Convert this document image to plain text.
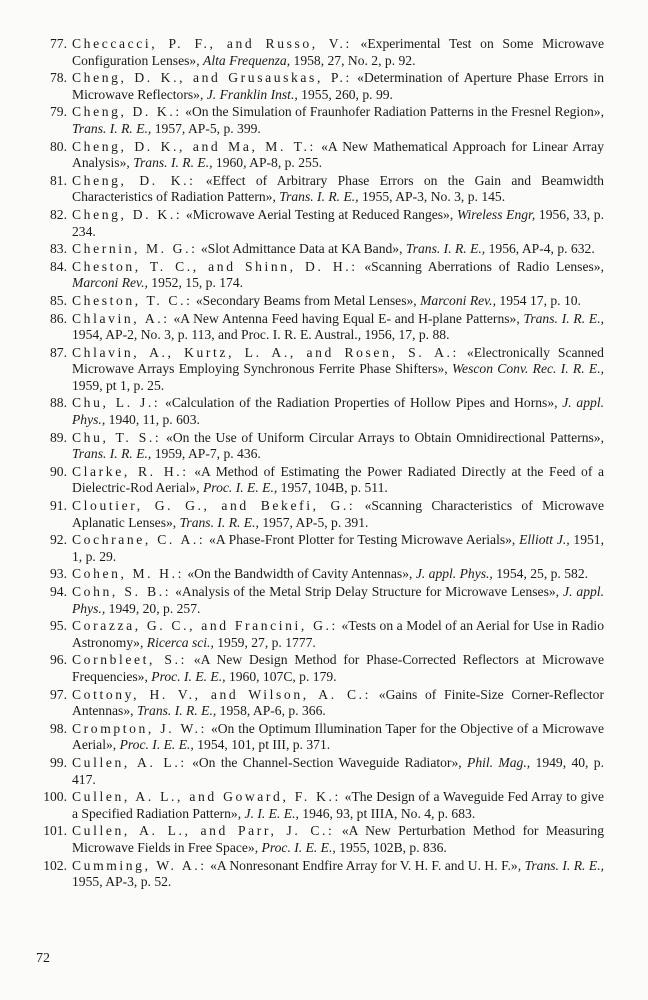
77. Checcacci, P. F., and Russo, V.: «Experimental Test on Some Microwave Configuration Lenses», Alta Frequenza, 1958, 27, No. 2, p. 92.
78. Cheng, D. K., and Grusauskas, P.: «Determination of Aperture Phase Errors in Microwave Reflectors», J. Franklin Inst., 1955, 260, p. 99.
79. Cheng, D. K.: «On the Simulation of Fraunhofer Radiation Patterns in the Fresnel Region», Trans. I. R. E., 1957, AP-5, p. 399.
80. Cheng, D. K., and Ma, M. T.: «A New Mathematical Approach for Linear Array Analysis», Trans. I. R. E., 1960, AP-8, p. 255.
81. Cheng, D. K.: «Effect of Arbitrary Phase Errors on the Gain and Beamwidth Characteristics of Radiation Pattern», Trans. I. R. E., 1955, AP-3, No. 3, p. 145.
82. Cheng, D. K.: «Microwave Aerial Testing at Reduced Ranges», Wireless Engr, 1956, 33, p. 234.
83. Chernin, M. G.: «Slot Admittance Data at KA Band», Trans. I. R. E., 1956, AP-4, p. 632.
84. Cheston, T. C., and Shinn, D. H.: «Scanning Aberrations of Radio Lenses», Marconi Rev., 1952, 15, p. 174.
85. Cheston, T. C.: «Secondary Beams from Metal Lenses», Marconi Rev., 1954 17, p. 10.
86. Chlavin, A.: «A New Antenna Feed having Equal E- and H-plane Patterns», Trans. I. R. E., 1954, AP-2, No. 3, p. 113, and Proc. I. R. E. Austral., 1956, 17, p. 88.
87. Chlavin, A., Kurtz, L. A., and Rosen, S. A.: «Electronically Scanned Microwave Arrays Employing Synchronous Ferrite Phase Shifters», Wescon Conv. Rec. I. R. E., 1959, pt 1, p. 25.
88. Chu, L. J.: «Calculation of the Radiation Properties of Hollow Pipes and Horns», J. appl. Phys., 1940, 11, p. 603.
89. Chu, T. S.: «On the Use of Uniform Circular Arrays to Obtain Omnidirectional Patterns», Trans. I. R. E., 1959, AP-7, p. 436.
90. Clarke, R. H.: «A Method of Estimating the Power Radiated Directly at the Feed of a Dielectric-Rod Aerial», Proc. I. E. E., 1957, 104B, p. 511.
91. Cloutier, G. G., and Bekefi, G.: «Scanning Characteristics of Microwave Aplanatic Lenses», Trans. I. R. E., 1957, AP-5, p. 391.
92. Cochrane, C. A.: «A Phase-Front Plotter for Testing Microwave Aerials», Elliott J., 1951, 1, p. 29.
93. Cohen, M. H.: «On the Bandwidth of Cavity Antennas», J. appl. Phys., 1954, 25, p. 582.
94. Cohn, S. B.: «Analysis of the Metal Strip Delay Structure for Microwave Lenses», J. appl. Phys., 1949, 20, p. 257.
95. Corazza, G. C., and Francini, G.: «Tests on a Model of an Aerial for Use in Radio Astronomy», Ricerca sci., 1959, 27, p. 1777.
96. Cornbleet, S.: «A New Design Method for Phase-Corrected Reflectors at Microwave Frequencies», Proc. I. E. E., 1960, 107C, p. 179.
97. Cottony, H. V., and Wilson, A. C.: «Gains of Finite-Size Corner-Reflector Antennas», Trans. I. R. E., 1958, AP-6, p. 366.
98. Crompton, J. W.: «On the Optimum Illumination Taper for the Objective of a Microwave Aerial», Proc. I. E. E., 1954, 101, pt III, p. 371.
99. Cullen, A. L.: «On the Channel-Section Waveguide Radiator», Phil. Mag., 1949, 40, p. 417.
100. Cullen, A. L., and Goward, F. K.: «The Design of a Waveguide Fed Array to give a Specified Radiation Pattern», J. I. E. E., 1946, 93, pt IIIA, No. 4, p. 683.
101. Cullen, A. L., and Parr, J. C.: «A New Perturbation Method for Measuring Microwave Fields in Free Space», Proc. I. E. E., 1955, 102B, p. 836.
102. Cumming, W. A.: «A Nonresonant Endfire Array for V. H. F. and U. H. F.», Trans. I. R. E., 1955, AP-3, p. 52.
72
